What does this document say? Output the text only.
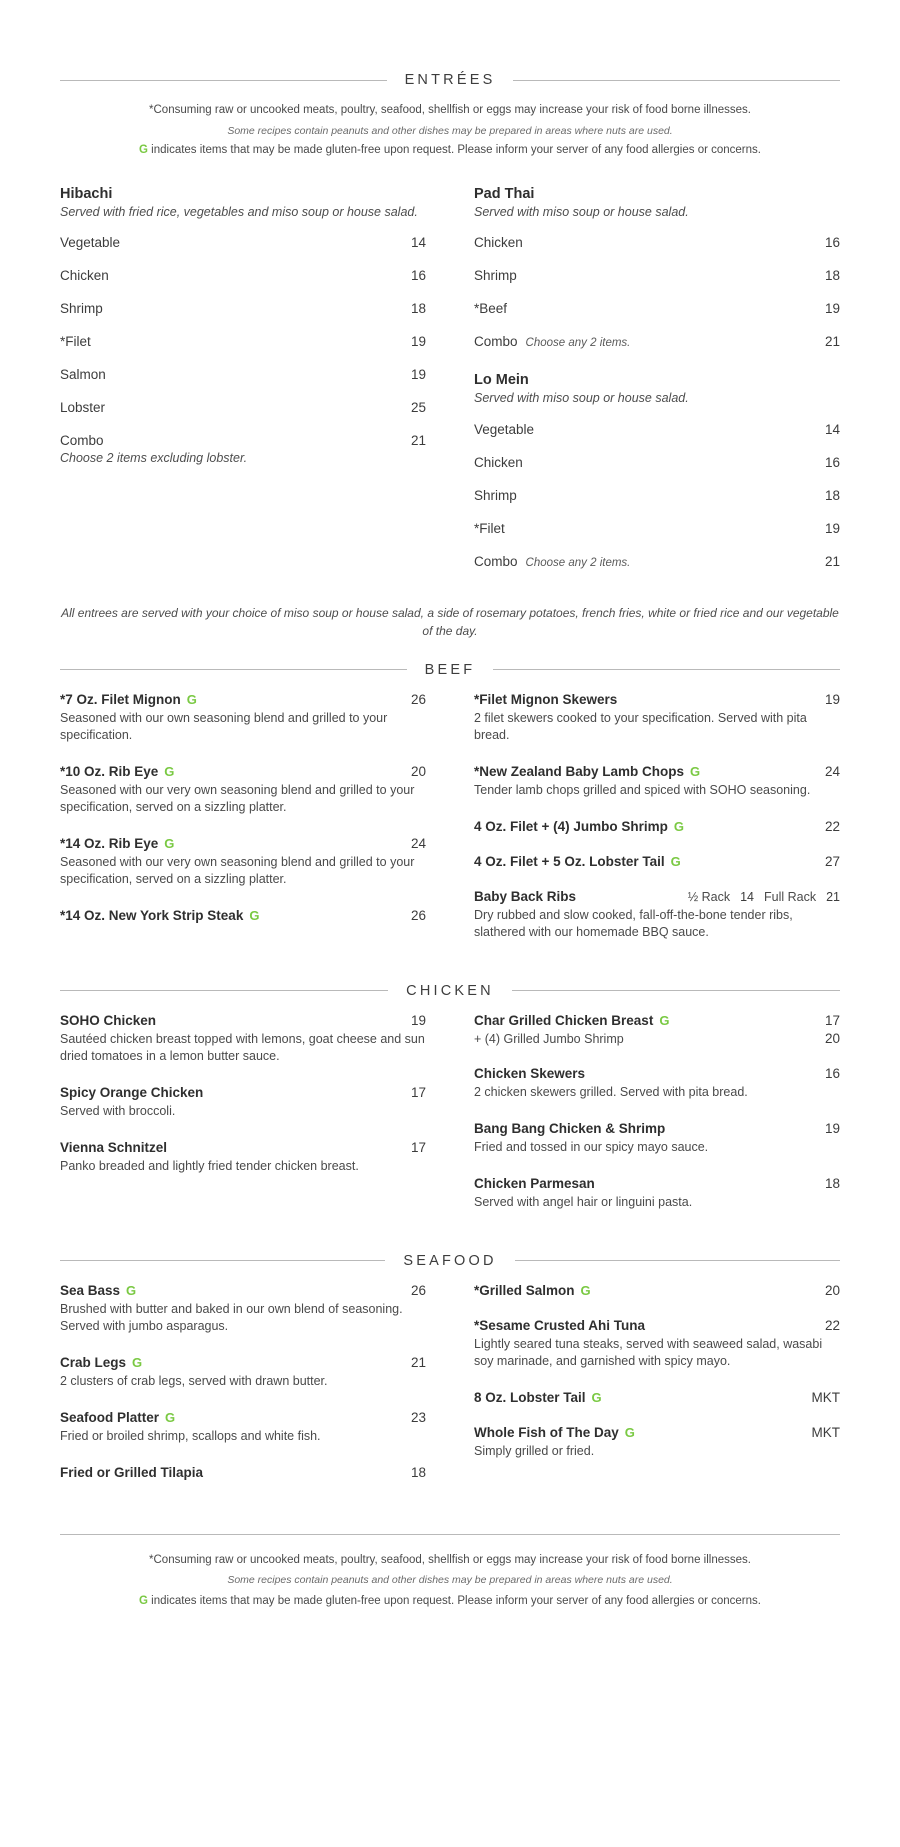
ENTRÉES
*Consuming raw or uncooked meats, poultry, seafood, shellfish or eggs may increase your risk of food borne illnesses.
Some recipes contain peanuts and other dishes may be prepared in areas where nuts are used.
G indicates items that may be made gluten-free upon request. Please inform your server of any food allergies or concerns.
Hibachi
Served with fried rice, vegetables and miso soup or house salad.
Vegetable	14
Chicken	16
Shrimp	18
*Filet	19
Salmon	19
Lobster	25
Combo	21
Choose 2 items excluding lobster.
Pad Thai
Served with miso soup or house salad.
Chicken	16
Shrimp	18
*Beef	19
Combo Choose any 2 items.	21
Lo Mein
Served with miso soup or house salad.
Vegetable	14
Chicken	16
Shrimp	18
*Filet	19
Combo Choose any 2 items.	21
All entrees are served with your choice of miso soup or house salad, a side of rosemary potatoes, french fries, white or fried rice and our vegetable of the day.
BEEF
*7 Oz. Filet Mignon G	26
Seasoned with our own seasoning blend and grilled to your specification.
*10 Oz. Rib Eye G	20
Seasoned with our very own seasoning blend and grilled to your specification, served on a sizzling platter.
*14 Oz. Rib Eye G	24
Seasoned with our very own seasoning blend and grilled to your specification, served on a sizzling platter.
*14 Oz. New York Strip Steak G	26
*Filet Mignon Skewers	19
2 filet skewers cooked to your specification. Served with pita bread.
*New Zealand Baby Lamb Chops G	24
Tender lamb chops grilled and spiced with SOHO seasoning.
4 Oz. Filet + (4) Jumbo Shrimp G	22
4 Oz. Filet + 5 Oz. Lobster Tail G	27
Baby Back Ribs	½ Rack 14 Full Rack 21
Dry rubbed and slow cooked, fall-off-the-bone tender ribs, slathered with our homemade BBQ sauce.
CHICKEN
SOHO Chicken	19
Sautéed chicken breast topped with lemons, goat cheese and sun dried tomatoes in a lemon butter sauce.
Spicy Orange Chicken	17
Served with broccoli.
Vienna Schnitzel	17
Panko breaded and lightly fried tender chicken breast.
Char Grilled Chicken Breast G	17
+ (4) Grilled Jumbo Shrimp	20
Chicken Skewers	16
2 chicken skewers grilled. Served with pita bread.
Bang Bang Chicken & Shrimp	19
Fried and tossed in our spicy mayo sauce.
Chicken Parmesan	18
Served with angel hair or linguini pasta.
SEAFOOD
Sea Bass G	26
Brushed with butter and baked in our own blend of seasoning. Served with jumbo asparagus.
Crab Legs G	21
2 clusters of crab legs, served with drawn butter.
Seafood Platter G	23
Fried or broiled shrimp, scallops and white fish.
Fried or Grilled Tilapia	18
*Grilled Salmon G	20
*Sesame Crusted Ahi Tuna	22
Lightly seared tuna steaks, served with seaweed salad, wasabi soy marinade, and garnished with spicy mayo.
8 Oz. Lobster Tail G	MKT
Whole Fish of The Day G	MKT
Simply grilled or fried.
*Consuming raw or uncooked meats, poultry, seafood, shellfish or eggs may increase your risk of food borne illnesses.
Some recipes contain peanuts and other dishes may be prepared in areas where nuts are used.
G indicates items that may be made gluten-free upon request. Please inform your server of any food allergies or concerns.
